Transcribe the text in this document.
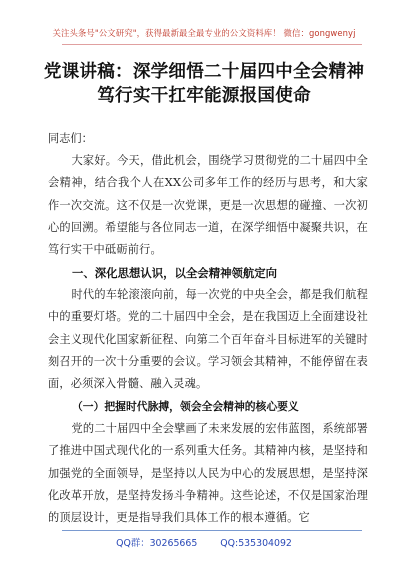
关注头条号"公文研究"，获得最新最全最专业的公文资料库！ 微信：gongwenyj
党课讲稿：深学细悟二十届四中全会精神
笃行实干扛牢能源报国使命
同志们：

大家好。今天，借此机会，围绕学习贯彻党的二十届四中全会精神，结合我个人在XX公司多年工作的经历与思考，和大家作一次交流。这不仅是一次党课，更是一次思想的碰撞、一次初心的回溯。希望能与各位同志一道，在深学细悟中凝聚共识，在笃行实干中砥砺前行。

一、深化思想认识，以全会精神领航定向

时代的车轮滚滚向前，每一次党的中央全会，都是我们航程中的重要灯塔。党的二十届四中全会，是在我国迈上全面建设社会主义现代化国家新征程、向第二个百年奋斗目标进军的关键时刻召开的一次十分重要的会议。学习领会其精神，不能停留在表面，必须深入骨髓、融入灵魂。

（一）把握时代脉搏，领会全会精神的核心要义

党的二十届四中全会擘画了未来发展的宏伟蓝图，系统部署了推进中国式现代化的一系列重大任务。其精神内核，是坚持和加强党的全面领导，是坚持以人民为中心的发展思想，是坚持深化改革开放，是坚持发扬斗争精神。这些论述，不仅是国家治理的顶层设计，更是指导我们具体工作的根本遵循。它

QQ群：30265665 QQ:535304092
